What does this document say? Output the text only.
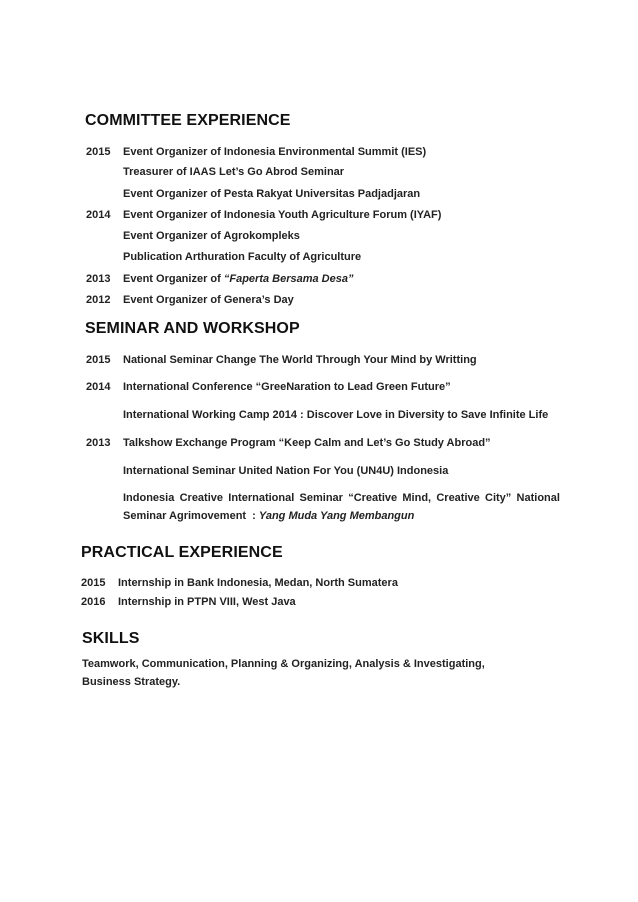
COMMITTEE EXPERIENCE
2015 Event Organizer of Indonesia Environmental Summit (IES)
Treasurer of IAAS Let’s Go Abrod Seminar
Event Organizer of Pesta Rakyat Universitas Padjadjaran
2014 Event Organizer of Indonesia Youth Agriculture Forum (IYAF)
Event Organizer of Agrokompleks
Publication Arthuration Faculty of Agriculture
2013 Event Organizer of “Faperta Bersama Desa”
2012 Event Organizer of Genera’s Day
SEMINAR AND WORKSHOP
2015 National Seminar Change The World Through Your Mind by Writting
2014 International Conference “GreeNaration to Lead Green Future”
International Working Camp 2014 : Discover Love in Diversity to Save Infinite Life
2013 Talkshow Exchange Program “Keep Calm and Let’s Go Study Abroad”
International Seminar United Nation For You (UN4U) Indonesia
Indonesia Creative International Seminar “Creative Mind, Creative City” National
Seminar Agrimovement  : Yang Muda Yang Membangun
PRACTICAL EXPERIENCE
2015 Internship in Bank Indonesia, Medan, North Sumatera
2016 Internship in PTPN VIII, West Java
SKILLS
Teamwork, Communication, Planning & Organizing, Analysis & Investigating,
Business Strategy.
